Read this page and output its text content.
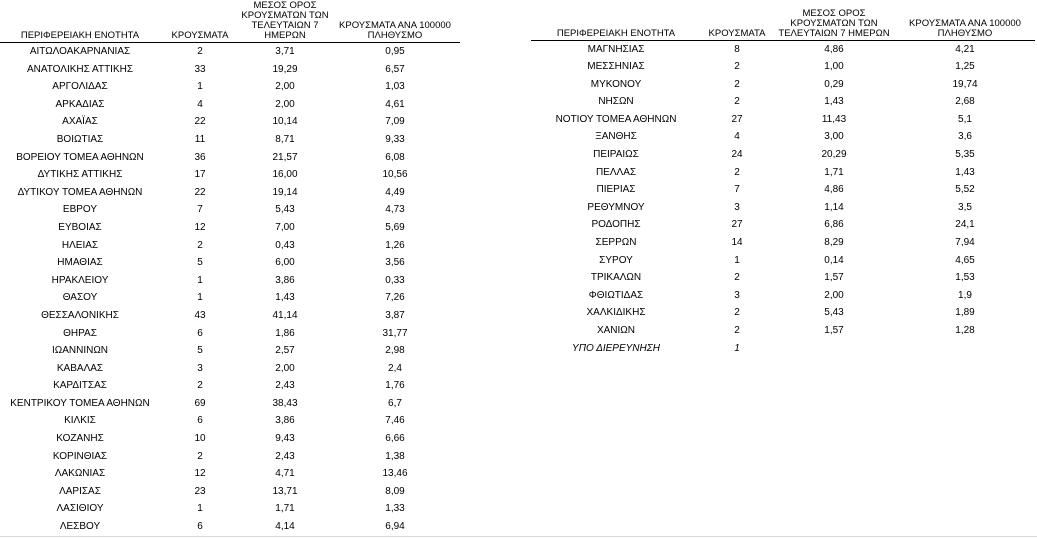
ΠΕΡΙΦΕΡΕΙΑΚΗ ΕΝΟΤΗΤΑ	ΚΡΟΥΣΜΑΤΑ	ΜΕΣΟΣ ΟΡΟΣ ΚΡΟΥΣΜΑΤΩΝ ΤΩΝ ΤΕΛΕΥΤΑΙΩΝ 7 ΗΜΕΡΩΝ	ΚΡΟΥΣΜΑΤΑ ΑΝΑ 100000 ΠΛΗΘΥΣΜΟ
ΑΙΤΩΛΟΑΚΑΡΝΑΝΙΑΣ	2	3,71	0,95
ΑΝΑΤΟΛΙΚΗΣ ΑΤΤΙΚΗΣ	33	19,29	6,57
ΑΡΓΟΛΙΔΑΣ	1	2,00	1,03
ΑΡΚΑΔΙΑΣ	4	2,00	4,61
ΑΧΑΪΑΣ	22	10,14	7,09
ΒΟΙΩΤΙΑΣ	11	8,71	9,33
ΒΟΡΕΙΟΥ ΤΟΜΕΑ ΑΘΗΝΩΝ	36	21,57	6,08
ΔΥΤΙΚΗΣ ΑΤΤΙΚΗΣ	17	16,00	10,56
ΔΥΤΙΚΟΥ ΤΟΜΕΑ ΑΘΗΝΩΝ	22	19,14	4,49
ΕΒΡΟΥ	7	5,43	4,73
ΕΥΒΟΙΑΣ	12	7,00	5,69
ΗΛΕΙΑΣ	2	0,43	1,26
ΗΜΑΘΙΑΣ	5	6,00	3,56
ΗΡΑΚΛΕΙΟΥ	1	3,86	0,33
ΘΑΣΟΥ	1	1,43	7,26
ΘΕΣΣΑΛΟΝΙΚΗΣ	43	41,14	3,87
ΘΗΡΑΣ	6	1,86	31,77
ΙΩΑΝΝΙΝΩΝ	5	2,57	2,98
ΚΑΒΑΛΑΣ	3	2,00	2,4
ΚΑΡΔΙΤΣΑΣ	2	2,43	1,76
ΚΕΝΤΡΙΚΟΥ ΤΟΜΕΑ ΑΘΗΝΩΝ	69	38,43	6,7
ΚΙΛΚΙΣ	6	3,86	7,46
ΚΟΖΑΝΗΣ	10	9,43	6,66
ΚΟΡΙΝΘΙΑΣ	2	2,43	1,38
ΛΑΚΩΝΙΑΣ	12	4,71	13,46
ΛΑΡΙΣΑΣ	23	13,71	8,09
ΛΑΣΙΘΙΟΥ	1	1,71	1,33
ΛΕΣΒΟΥ	6	4,14	6,94
ΠΕΡΙΦΕΡΕΙΑΚΗ ΕΝΟΤΗΤΑ	ΚΡΟΥΣΜΑΤΑ	ΜΕΣΟΣ ΟΡΟΣ ΚΡΟΥΣΜΑΤΩΝ ΤΩΝ ΤΕΛΕΥΤΑΙΩΝ 7 ΗΜΕΡΩΝ	ΚΡΟΥΣΜΑΤΑ ΑΝΑ 100000 ΠΛΗΘΥΣΜΟ
ΜΑΓΝΗΣΙΑΣ	8	4,86	4,21
ΜΕΣΣΗΝΙΑΣ	2	1,00	1,25
ΜΥΚΟΝΟΥ	2	0,29	19,74
ΝΗΣΩΝ	2	1,43	2,68
ΝΟΤΙΟΥ ΤΟΜΕΑ ΑΘΗΝΩΝ	27	11,43	5,1
ΞΑΝΘΗΣ	4	3,00	3,6
ΠΕΙΡΑΙΩΣ	24	20,29	5,35
ΠΕΛΛΑΣ	2	1,71	1,43
ΠΙΕΡΙΑΣ	7	4,86	5,52
ΡΕΘΥΜΝΟΥ	3	1,14	3,5
ΡΟΔΟΠΗΣ	27	6,86	24,1
ΣΕΡΡΩΝ	14	8,29	7,94
ΣΥΡΟΥ	1	0,14	4,65
ΤΡΙΚΑΛΩΝ	2	1,57	1,53
ΦΘΙΩΤΙΔΑΣ	3	2,00	1,9
ΧΑΛΚΙΔΙΚΗΣ	2	5,43	1,89
ΧΑΝΙΩΝ	2	1,57	1,28
ΥΠΟ ΔΙΕΡΕΥΝΗΣΗ	1		
